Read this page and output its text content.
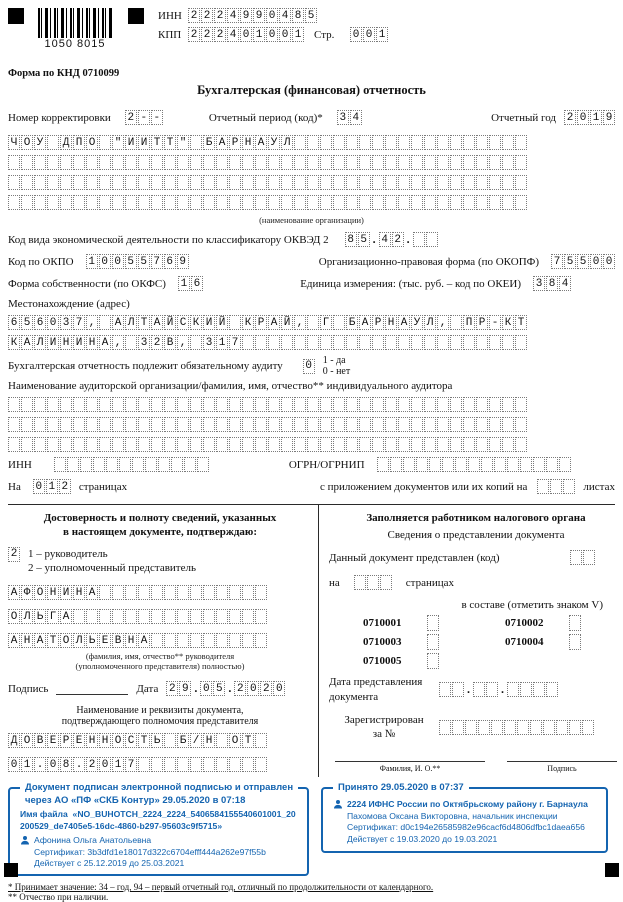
1050 8015
ИНН 2 2 2 4 9 9 0 4 8 5
КПП 2 2 2 4 0 1 0 0 1 Стр.	0 0 1
Форма по КНД 0710099
Бухгалтерская (финансовая) отчетность
Номер корректировки 2 - -	Отчетный период (код)* 3 4	Отчетный год 2 0 1 9
Ч О У Д П О " И И Т Т " Б А Р Н А У Л
(наименование организации)
Код вида экономической деятельности по классификатору ОКВЭД 2 8 5 . 4 2 .
Код по ОКПО 1 0 0 5 5 7 6 9	Организационно-правовая форма (по ОКОПФ) 7 5 5 0 0
Форма собственности (по ОКФС) 1 6	Единица измерения: (тыс. руб. – код по ОКЕИ) 3 8 4
Местонахождение (адрес)
6 5 6 0 3 7 , А Л Т А Й С К И Й К Р А Й , Г Б А Р Н А У Л , П Р - К Т
К А Л И Н И Н А , 3 2 В , 3 1 7
Бухгалтерская отчетность подлежит обязательному аудиту 0 1 - да
0 - нет
Наименование аудиторской организации/фамилия, имя, отчество** индивидуального аудитора
ИНН	ОГРН/ОГРНИП
На 0 1 2 страницах	с приложением документов или их копий на	листах
Достоверность и полноту сведений, указанных
в настоящем документе, подтверждаю:
2 1 – руководитель
2 – уполномоченный представитель
А Ф О Н И Н А
О Л Ь Г А
А Н А Т О Л Ь Е В Н А
(фамилия, имя, отчество** руководителя
(уполномоченного представителя) полностью)
Подпись	Дата 2 9 . 0 5 . 2 0 2 0
Наименование и реквизиты документа,
подтверждающего полномочия представителя
Д О В Е Р Е Н Н О С Т Ь Б / Н О Т
0 1 . 0 8 . 2 0 1 7
Заполняется работником налогового органа
Сведения о представлении документа
Данный документ представлен (код)
на	страницах
в составе (отметить знаком V)
0710001	0710002
0710003	0710004
0710005
Дата представления
документа
.	.
Зарегистрирован
за №
Фамилия, И. О.**	Подпись
Документ подписан электронной подписью и отправлен
через АО «ПФ «СКБ Контур» 29.05.2020 в 07:18

Имя файла «NO_BUHOTCH_2224_2224_5406584155540601001_20200529_de7405e5-16dc-4860-b297-95603c9f5715»

Афонина Ольга Анатольевна

Сертификат: 3b3dfd1e18017d322c6704efff444a262e97f55b

Действует с 25.12.2019 до 25.03.2021

Принято 29.05.2020 в 07:37

2224 ИФНС России по Октябрьскому району г. Барнаула

Пахомова Оксана Викторовна, начальник инспекции

Сертификат: d0c194e26585982e96cacf6d4806dfbc1daea656

Действует с 19.03.2020 до 19.03.2021

* Принимает значение: 34 – год, 94 – первый отчетный год, отличный по продолжительности от календарного.
** Отчество при наличии.
